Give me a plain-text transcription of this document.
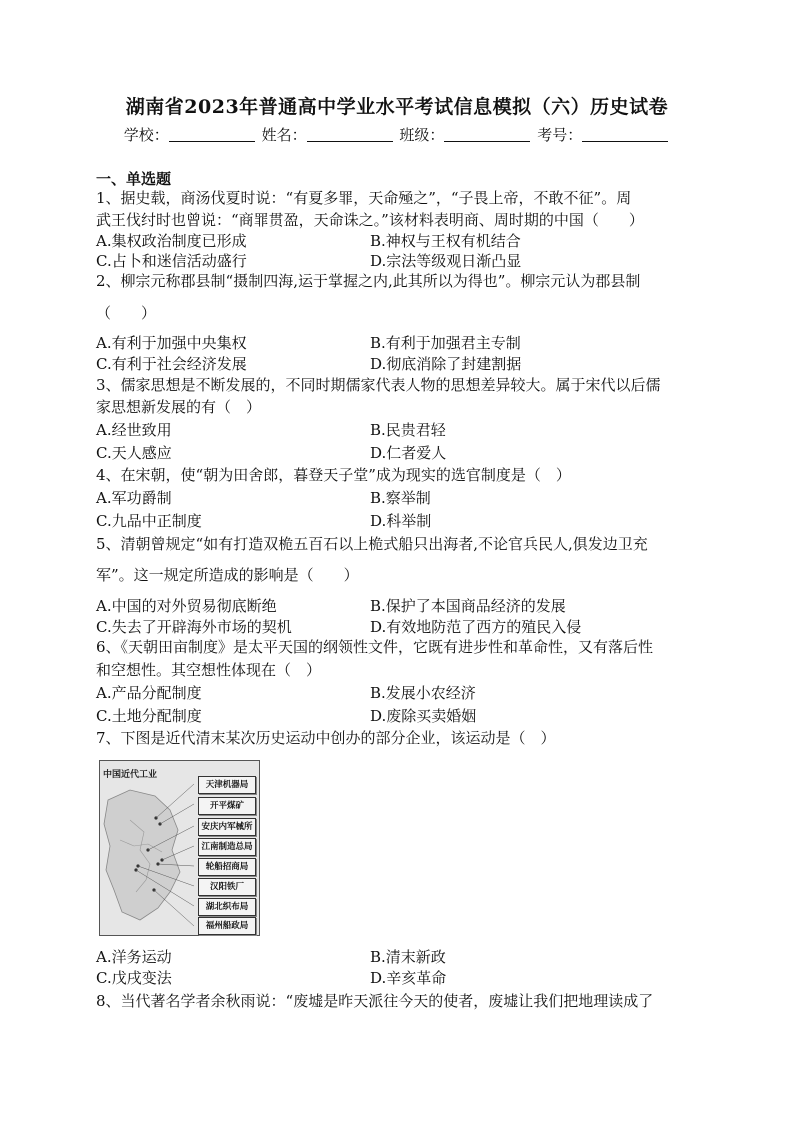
湖南省2023年普通高中学业水平考试信息模拟（六）历史试卷
学校：	姓名：	班级：	考号：
一、单选题
1、据史载，商汤伐夏时说：“有夏多罪，天命殛之”，“子畏上帝，不敢不征”。周
武王伐纣时也曾说：“商罪贯盈，天命诛之。”该材料表明商、周时期的中国（　　）
A.集权政治制度已形成	B.神权与王权有机结合
C.占卜和迷信活动盛行	D.宗法等级观日渐凸显
2、柳宗元称郡县制“摄制四海,运于掌握之内,此其所以为得也”。柳宗元认为郡县制
（　　）
A.有利于加强中央集权	B.有利于加强君主专制
C.有利于社会经济发展	D.彻底消除了封建割据
3、儒家思想是不断发展的，不同时期儒家代表人物的思想差异较大。属于宋代以后儒
家思想新发展的有（　）
A.经世致用	B.民贵君轻
C.天人感应	D.仁者爱人
4、在宋朝，使“朝为田舍郎，暮登天子堂”成为现实的选官制度是（　）
A.军功爵制	B.察举制
C.九品中正制度	D.科举制
5、清朝曾规定“如有打造双桅五百石以上桅式船只出海者,不论官兵民人,俱发边卫充
军”。这一规定所造成的影响是（　　）
A.中国的对外贸易彻底断绝	B.保护了本国商品经济的发展
C.失去了开辟海外市场的契机	D.有效地防范了西方的殖民入侵
6、《天朝田亩制度》是太平天国的纲领性文件，它既有进步性和革命性，又有落后性
和空想性。其空想性体现在（　）
A.产品分配制度	B.发展小农经济
C.土地分配制度	D.废除买卖婚姻
7、下图是近代清末某次历史运动中创办的部分企业，该运动是（　）
中国近代工业
天津机器局
开平煤矿
安庆内军械所
江南制造总局
轮船招商局
汉阳铁厂
湖北织布局
福州船政局
A.洋务运动	B.清末新政
C.戊戌变法	D.辛亥革命
8、当代著名学者余秋雨说：“废墟是昨天派往今天的使者，废墟让我们把地理读成了
